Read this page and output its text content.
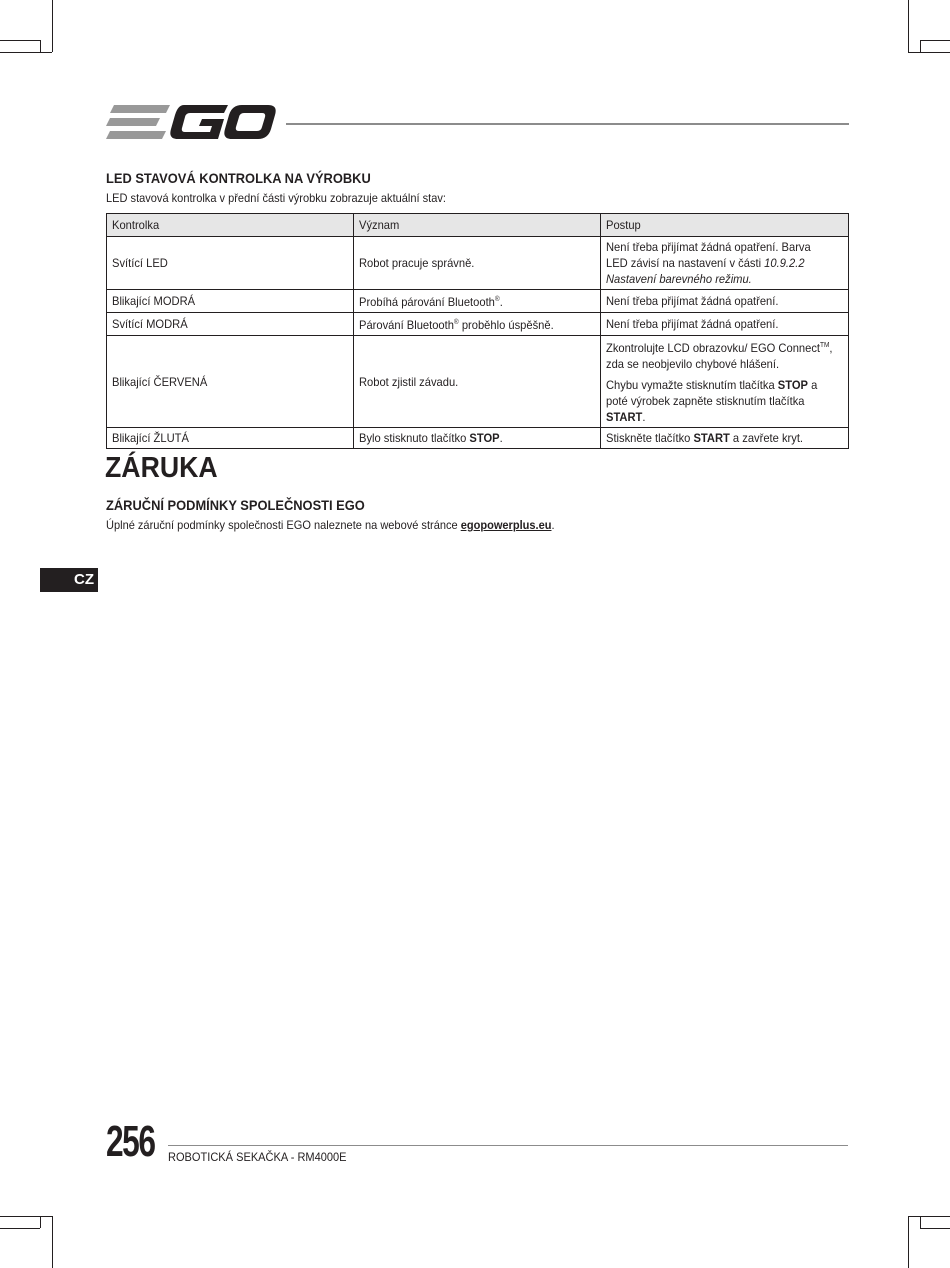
LED STAVOVÁ KONTROLKA NA VÝROBKU
LED stavová kontrolka v přední části výrobku zobrazuje aktuální stav:
Kontrolka	Význam	Postup
Svítící LED	Robot pracuje správně.	Není třeba přijímat žádná opatření. Barva LED závisí na nastavení v části 10.9.2.2 Nastavení barevného režimu.

Blikající MODRÁ	Probíhá párování Bluetooth®.	Není třeba přijímat žádná opatření.
Svítící MODRÁ	Párování Bluetooth® proběhlo úspěšně.	Není třeba přijímat žádná opatření.
Blikající ČERVENÁ	Robot zjistil závadu.	Zkontrolujte LCD obrazovku/ EGO Connect™, zda se neobjevilo chybové hlášení.

Chybu vymažte stisknutím tlačítka STOP a poté výrobek zapněte stisknutím tlačítka START.

Blikající ŽLUTÁ	Bylo stisknuto tlačítko STOP.	Stiskněte tlačítko START a zavřete kryt.
ZÁRUKA
ZÁRUČNÍ PODMÍNKY SPOLEČNOSTI EGO
Úplné záruční podmínky společnosti EGO naleznete na webové stránce egopowerplus.eu.
CZ
256 ROBOTICKÁ SEKAČKA - RM4000E
